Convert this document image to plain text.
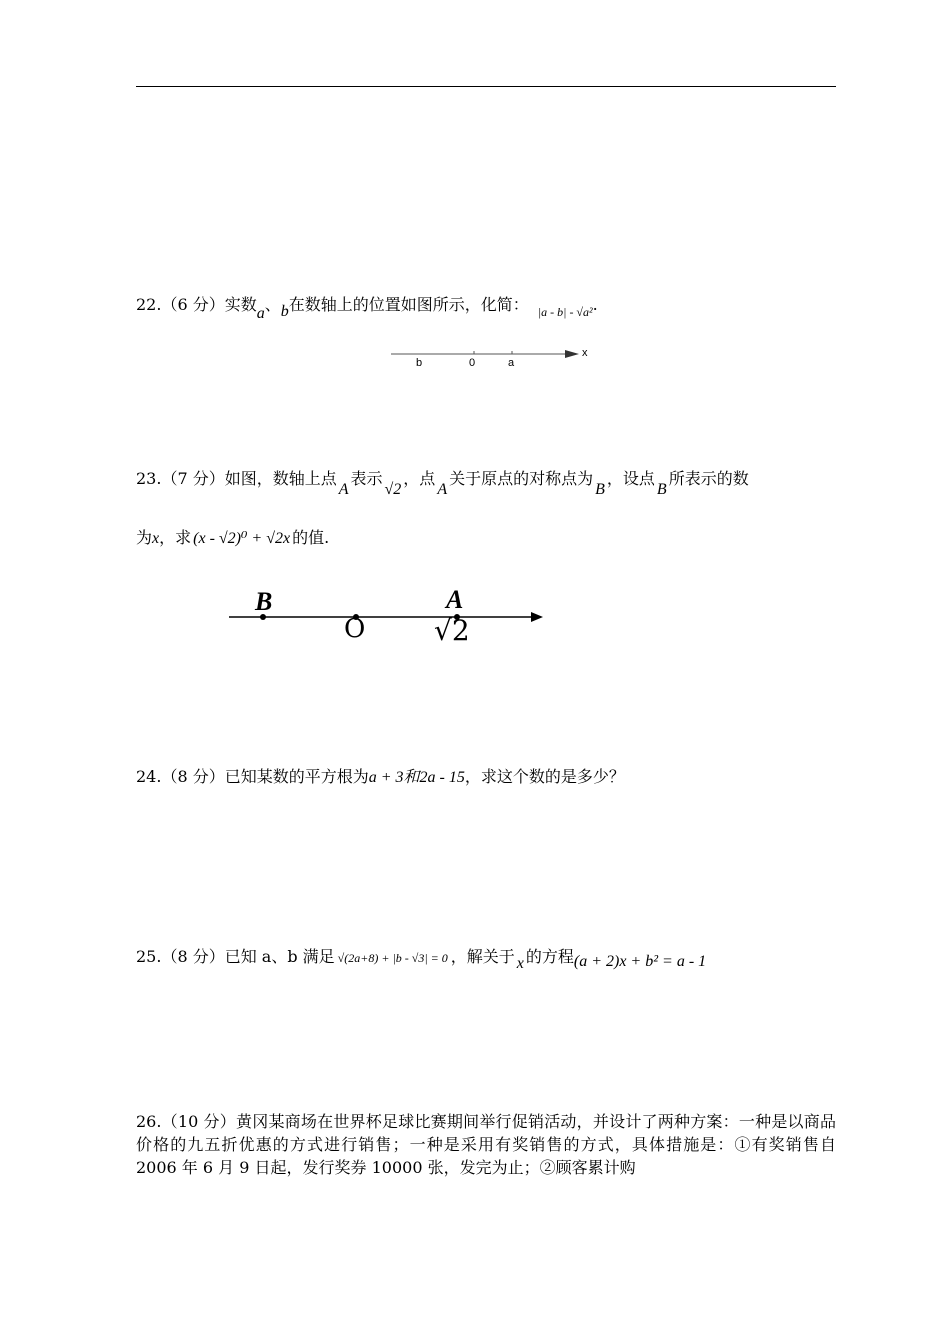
22.（6 分）实数a、b在数轴上的位置如图所示，化简： $_{|a - b| - √a^2}$.
b	0	a
x
23.（7 分）如图，数轴上点A表示√2，点A关于原点的对称点为B，设点B所表示的数
为x，求 (x - √2)⁰ + √2x 的值.
B
O
A
√2
24.（8 分）已知某数的平方根为a + 3和2a - 15，求这个数的是多少？
25.（8 分）已知 a、b 满足 √(2a+8) + |b - √3| = 0 ，解关于 x 的方程(a + 2)x + b² = a - 1
26.（10 分）黄冈某商场在世界杯足球比赛期间举行促销活动，并设计了两种方案：一种是以商品价格的九五折优惠的方式进行销售；一种是采用有奖销售的方式，具体措施是：①有奖销售自 2006 年 6 月 9 日起，发行奖券 10000 张，发完为止；②顾客累计购
